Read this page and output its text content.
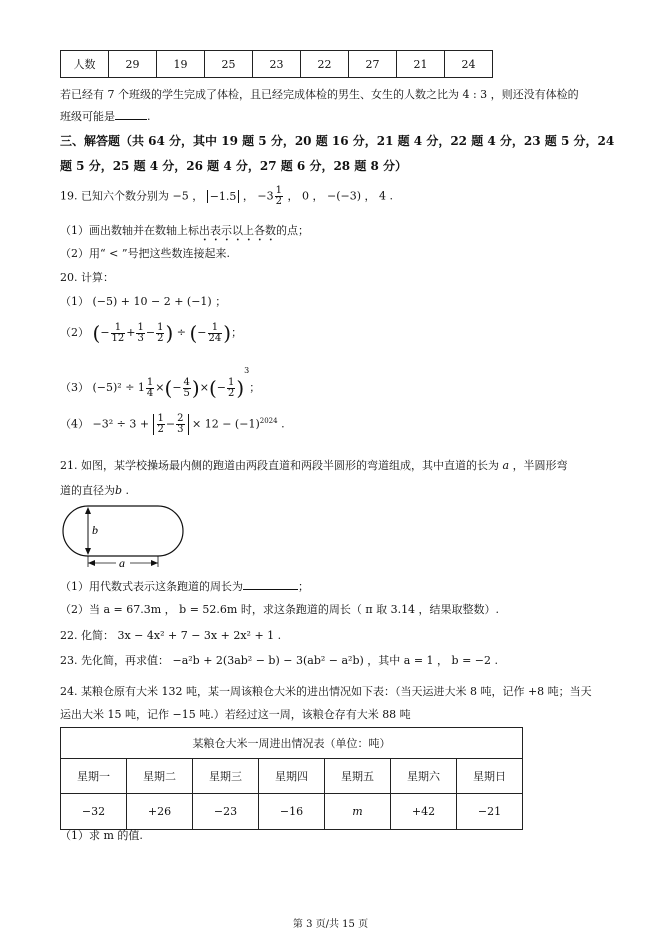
人数	29	19	25	23	22	27	21	24
若已经有 7 个班级的学生完成了体检，且已经完成体检的男生、女生的人数之比为 4 : 3 ，则还没有体检的
班级可能是	.
三、解答题（共 64 分，其中 19 题 5 分，20 题 16 分，21 题 4 分，22 题 4 分，23 题 5 分，24
题 5 分，25 题 4 分，26 题 4 分，27 题 6 分，28 题 8 分）
19. 已知六个数分别为 −5 ， −1.5 ， $-3 \frac{1}{2}$ ， 0 ， −(−3) ， 4 .
（1）画出数轴并在数轴上标出表示以上各数的点；
（2）用“ < ”号把这些数连接起来.
20. 计算：
（1） (−5) + 10 − 2 + (−1) ；
（2） (− $\frac{1}{12} + \frac{1}{3} - \frac{1}{2}$ ) ÷ (− $\frac{1}{24}$ )；
（3） $(-5)^2 \div 1 \frac{1}{4}$ ×(− $\frac{4}{5}$ )×(− $\frac{1}{2} )^3$；
$(4) -3^2 \div 3 + \frac{1}{2} - \frac{2}{3} \times 12 - (-1)^{2024}$ .
21. 如图，某学校操场最内侧的跑道由两段直道和两段半圆形的弯道组成，其中直道的长为 a ，半圆形弯
道的直径为b .
b
a
（1）用代数式表示这条跑道的周长为	；
（2）当 a = 67.3m ， b = 52.6m 时，求这条跑道的周长（ π 取 3.14 ，结果取整数）.
22. 化简： 3x − 4x² + 7 − 3x + 2x² + 1 .
23. 先化简，再求值： −a²b + 2(3ab² − b) − 3(ab² − a²b) ，其中 a = 1 ， b = −2 .
24. 某粮仓原有大米 132 吨，某一周该粮仓大米的进出情况如下表：（当天运进大米 8 吨，记作 +8 吨；当天
运出大米 15 吨，记作 −15 吨.）若经过这一周，该粮仓存有大米 88 吨
某粮仓大米一周进出情况表（单位：吨）						
星期一	星期二	星期三	星期四	星期五	星期六	星期日
−32	+26	−23	−16	m	+42	−21
（1）求 m 的值.
第 3 页/共 15 页
